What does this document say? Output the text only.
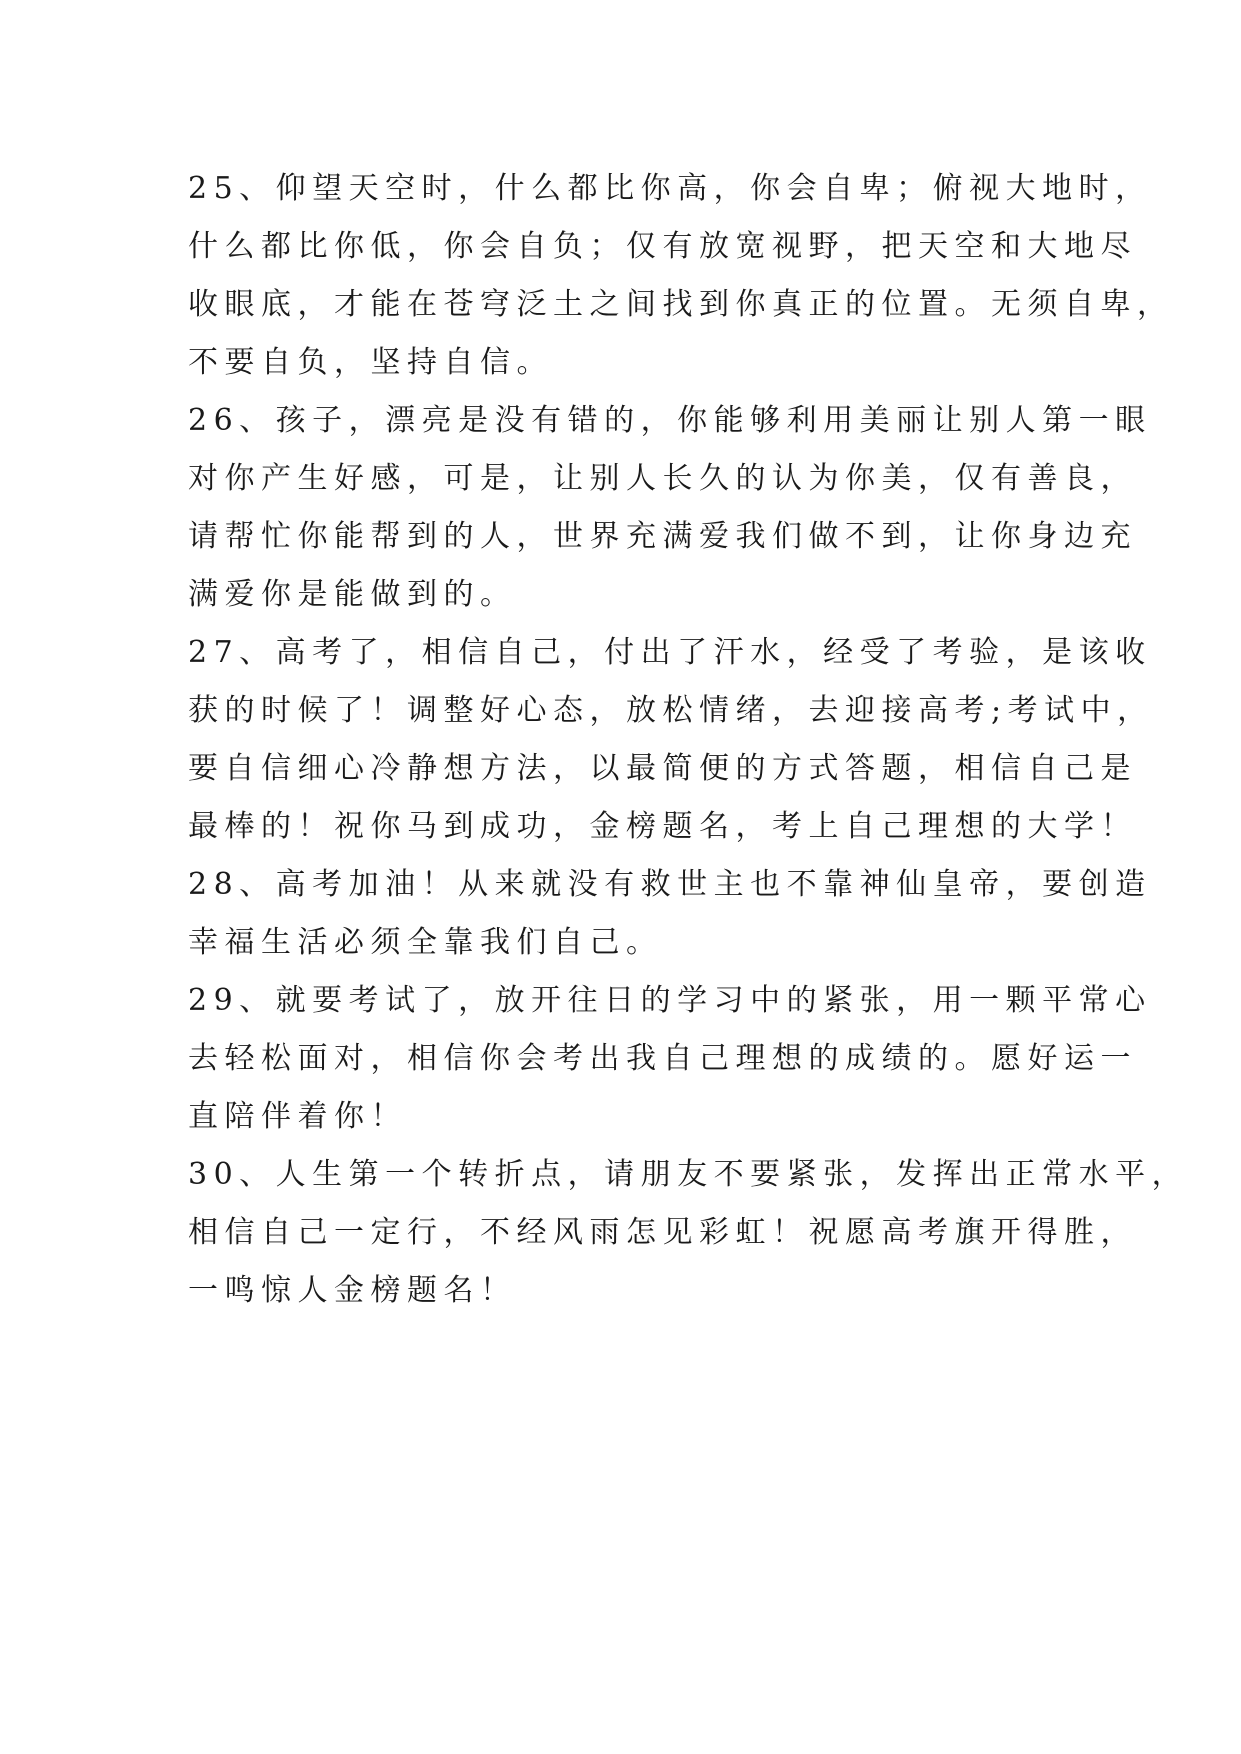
25、仰望天空时，什么都比你高，你会自卑；俯视大地时，
什么都比你低，你会自负；仅有放宽视野，把天空和大地尽
收眼底，才能在苍穹泛土之间找到你真正的位置。无须自卑，
不要自负，坚持自信。
26、孩子，漂亮是没有错的，你能够利用美丽让别人第一眼
对你产生好感，可是，让别人长久的认为你美，仅有善良，
请帮忙你能帮到的人，世界充满爱我们做不到，让你身边充
满爱你是能做到的。
27、高考了，相信自己，付出了汗水，经受了考验，是该收
获的时候了！调整好心态，放松情绪，去迎接高考;考试中，
要自信细心冷静想方法，以最简便的方式答题，相信自己是
最棒的！祝你马到成功，金榜题名，考上自己理想的大学！
28、高考加油！从来就没有救世主也不靠神仙皇帝，要创造
幸福生活必须全靠我们自己。
29、就要考试了，放开往日的学习中的紧张，用一颗平常心
去轻松面对，相信你会考出我自己理想的成绩的。愿好运一
直陪伴着你！
30、人生第一个转折点，请朋友不要紧张，发挥出正常水平，
相信自己一定行，不经风雨怎见彩虹！祝愿高考旗开得胜，
一鸣惊人金榜题名！
